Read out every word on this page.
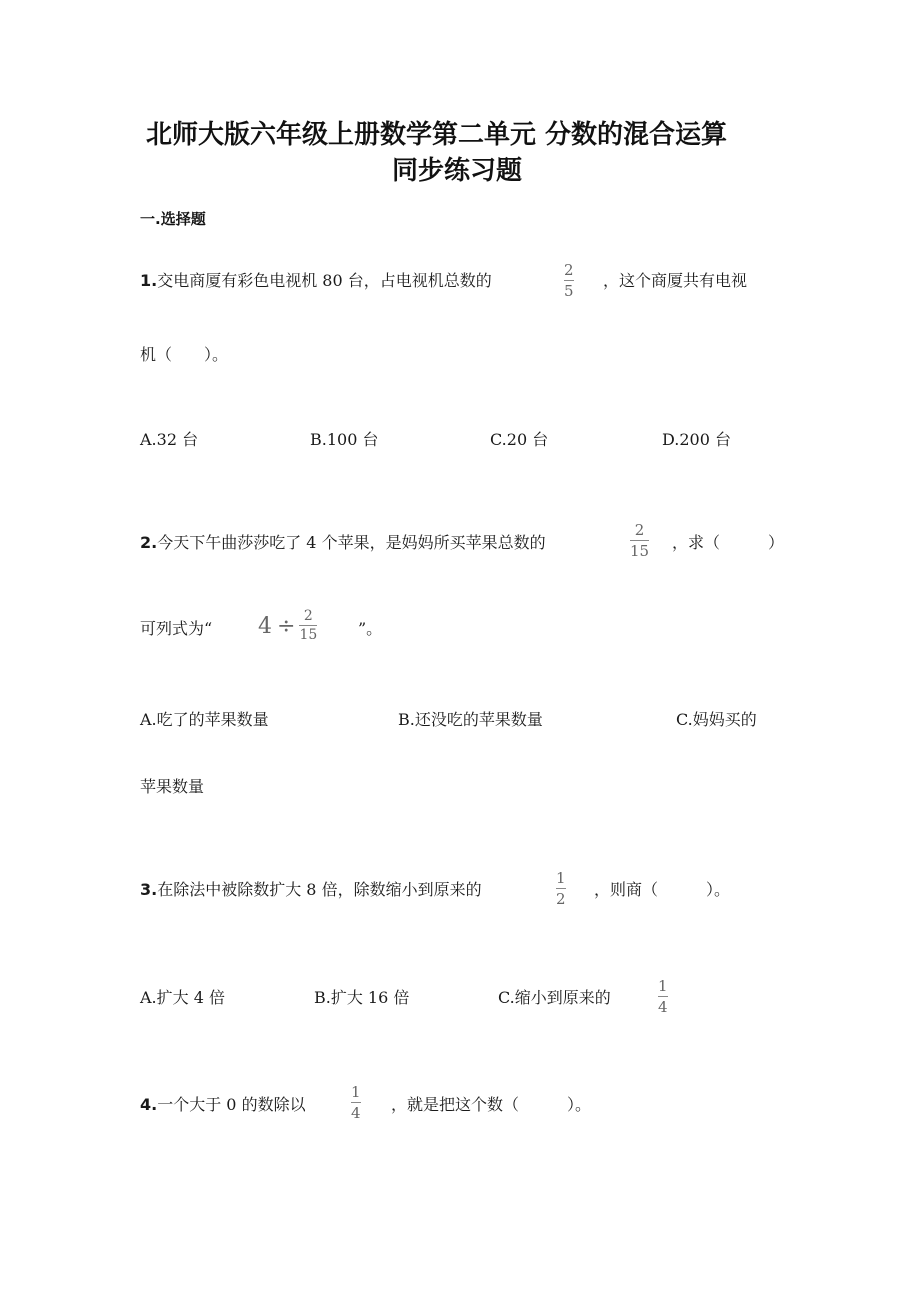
北师大版六年级上册数学第二单元 分数的混合运算
同步练习题
一.选择题
1.交电商厦有彩色电视机 80 台，占电视机总数的
2
5
，这个商厦共有电视
机（　　）。
A.32 台	B.100 台	C.20 台	D.200 台
2.今天下午曲莎莎吃了 4 个苹果，是妈妈所买苹果总数的
2
15 ，求（　　　）
可列式为“ $4 \div \frac{2}{15}$	”。
A.吃了的苹果数量	B.还没吃的苹果数量	C.妈妈买的
苹果数量
3.在除法中被除数扩大 8 倍，除数缩小到原来的
1
2 ，则商（　　　）。
A.扩大 4 倍	B.扩大 16 倍	C.缩小到原来的
1
4
4.一个大于 0 的数除以
1
4 ，就是把这个数（　　　）。
